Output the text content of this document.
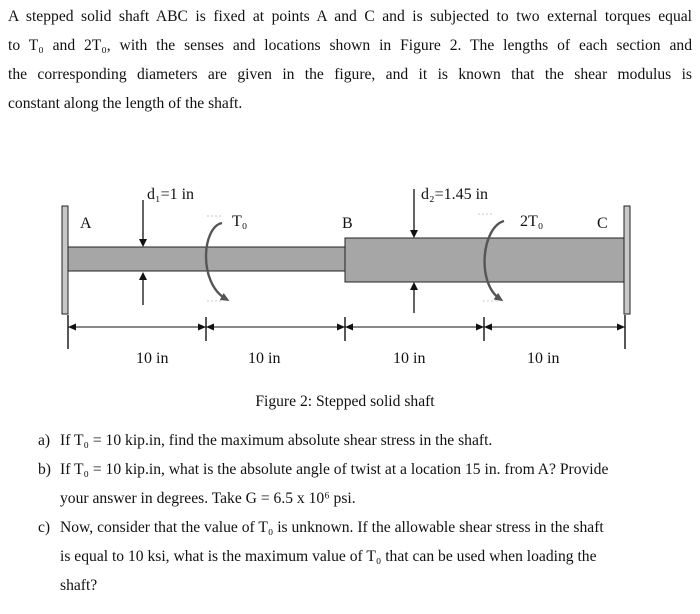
A stepped solid shaft ABC is fixed at points A and C and is subjected to two external torques equal
to T₀ and 2T₀, with the senses and locations shown in Figure 2. The lengths of each section and
the corresponding diameters are given in the figure, and it is known that the shear modulus is
constant along the length of the shaft.
A	B	C
d₁=1 in	d₂=1.45 in
T₀	2T₀
10 in	10 in	10 in	10 in
Figure 2: Stepped solid shaft
a) If T₀ = 10 kip.in, find the maximum absolute shear stress in the shaft.
b) If T₀ = 10 kip.in, what is the absolute angle of twist at a location 15 in. from A? Provide
your answer in degrees. Take G = 6.5 x 10⁶ psi.
c) Now, consider that the value of T₀ is unknown. If the allowable shear stress in the shaft
is equal to 10 ksi, what is the maximum value of T₀ that can be used when loading the
shaft?
